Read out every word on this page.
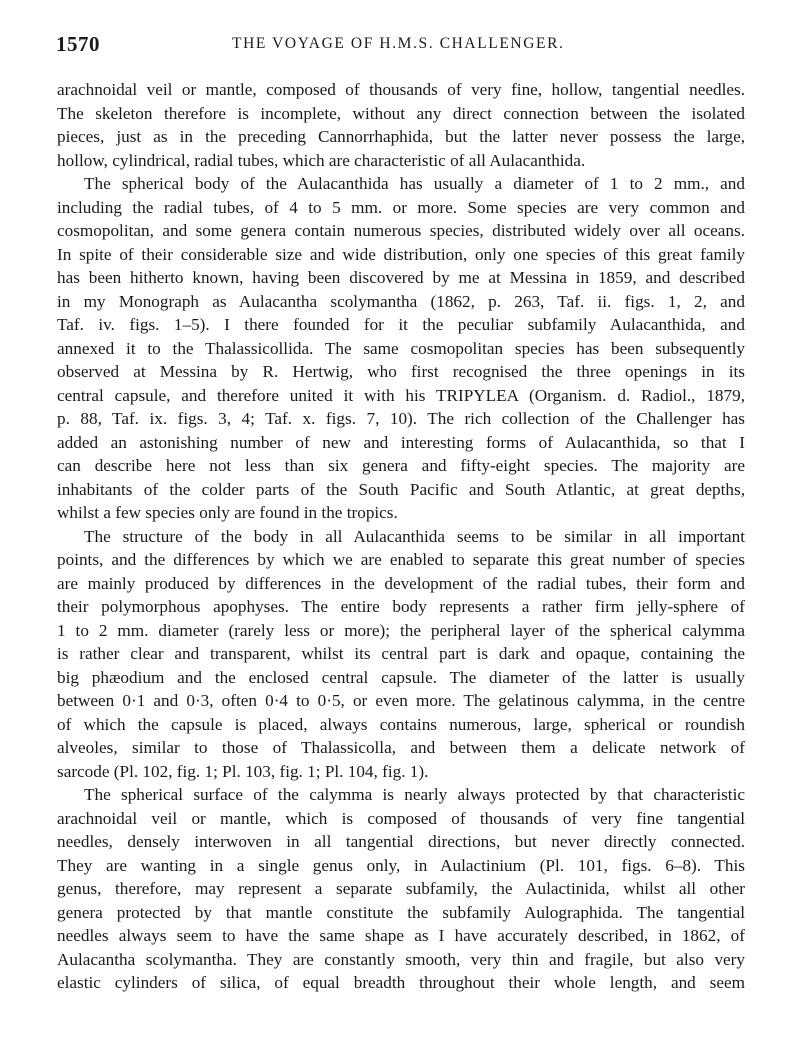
1570	THE VOYAGE OF H.M.S. CHALLENGER.
arachnoidal veil or mantle, composed of thousands of very fine, hollow, tangential needles.
The skeleton therefore is incomplete, without any direct connection between the isolated
pieces, just as in the preceding Cannorrhaphida, but the latter never possess the large,
hollow, cylindrical, radial tubes, which are characteristic of all Aulacanthida.
The spherical body of the Aulacanthida has usually a diameter of 1 to 2 mm., and
including the radial tubes, of 4 to 5 mm. or more. Some species are very common and
cosmopolitan, and some genera contain numerous species, distributed widely over all oceans.
In spite of their considerable size and wide distribution, only one species of this great family
has been hitherto known, having been discovered by me at Messina in 1859, and described
in my Monograph as Aulacantha scolymantha (1862, p. 263, Taf. ii. figs. 1, 2, and
Taf. iv. figs. 1–5). I there founded for it the peculiar subfamily Aulacanthida, and
annexed it to the Thalassicollida. The same cosmopolitan species has been subsequently
observed at Messina by R. Hertwig, who first recognised the three openings in its
central capsule, and therefore united it with his TRIPYLEA (Organism. d. Radiol., 1879,
p. 88, Taf. ix. figs. 3, 4; Taf. x. figs. 7, 10). The rich collection of the Challenger has
added an astonishing number of new and interesting forms of Aulacanthida, so that I
can describe here not less than six genera and fifty-eight species. The majority are
inhabitants of the colder parts of the South Pacific and South Atlantic, at great depths,
whilst a few species only are found in the tropics.
The structure of the body in all Aulacanthida seems to be similar in all important
points, and the differences by which we are enabled to separate this great number of species
are mainly produced by differences in the development of the radial tubes, their form and
their polymorphous apophyses. The entire body represents a rather firm jelly-sphere of
1 to 2 mm. diameter (rarely less or more); the peripheral layer of the spherical calymma
is rather clear and transparent, whilst its central part is dark and opaque, containing the
big phæodium and the enclosed central capsule. The diameter of the latter is usually
between 0·1 and 0·3, often 0·4 to 0·5, or even more. The gelatinous calymma, in the centre
of which the capsule is placed, always contains numerous, large, spherical or roundish
alveoles, similar to those of Thalassicolla, and between them a delicate network of
sarcode (Pl. 102, fig. 1; Pl. 103, fig. 1; Pl. 104, fig. 1).
The spherical surface of the calymma is nearly always protected by that characteristic
arachnoidal veil or mantle, which is composed of thousands of very fine tangential
needles, densely interwoven in all tangential directions, but never directly connected.
They are wanting in a single genus only, in Aulactinium (Pl. 101, figs. 6–8). This
genus, therefore, may represent a separate subfamily, the Aulactinida, whilst all other
genera protected by that mantle constitute the subfamily Aulographida. The tangential
needles always seem to have the same shape as I have accurately described, in 1862, of
Aulacantha scolymantha. They are constantly smooth, very thin and fragile, but also very
elastic cylinders of silica, of equal breadth throughout their whole length, and seem
